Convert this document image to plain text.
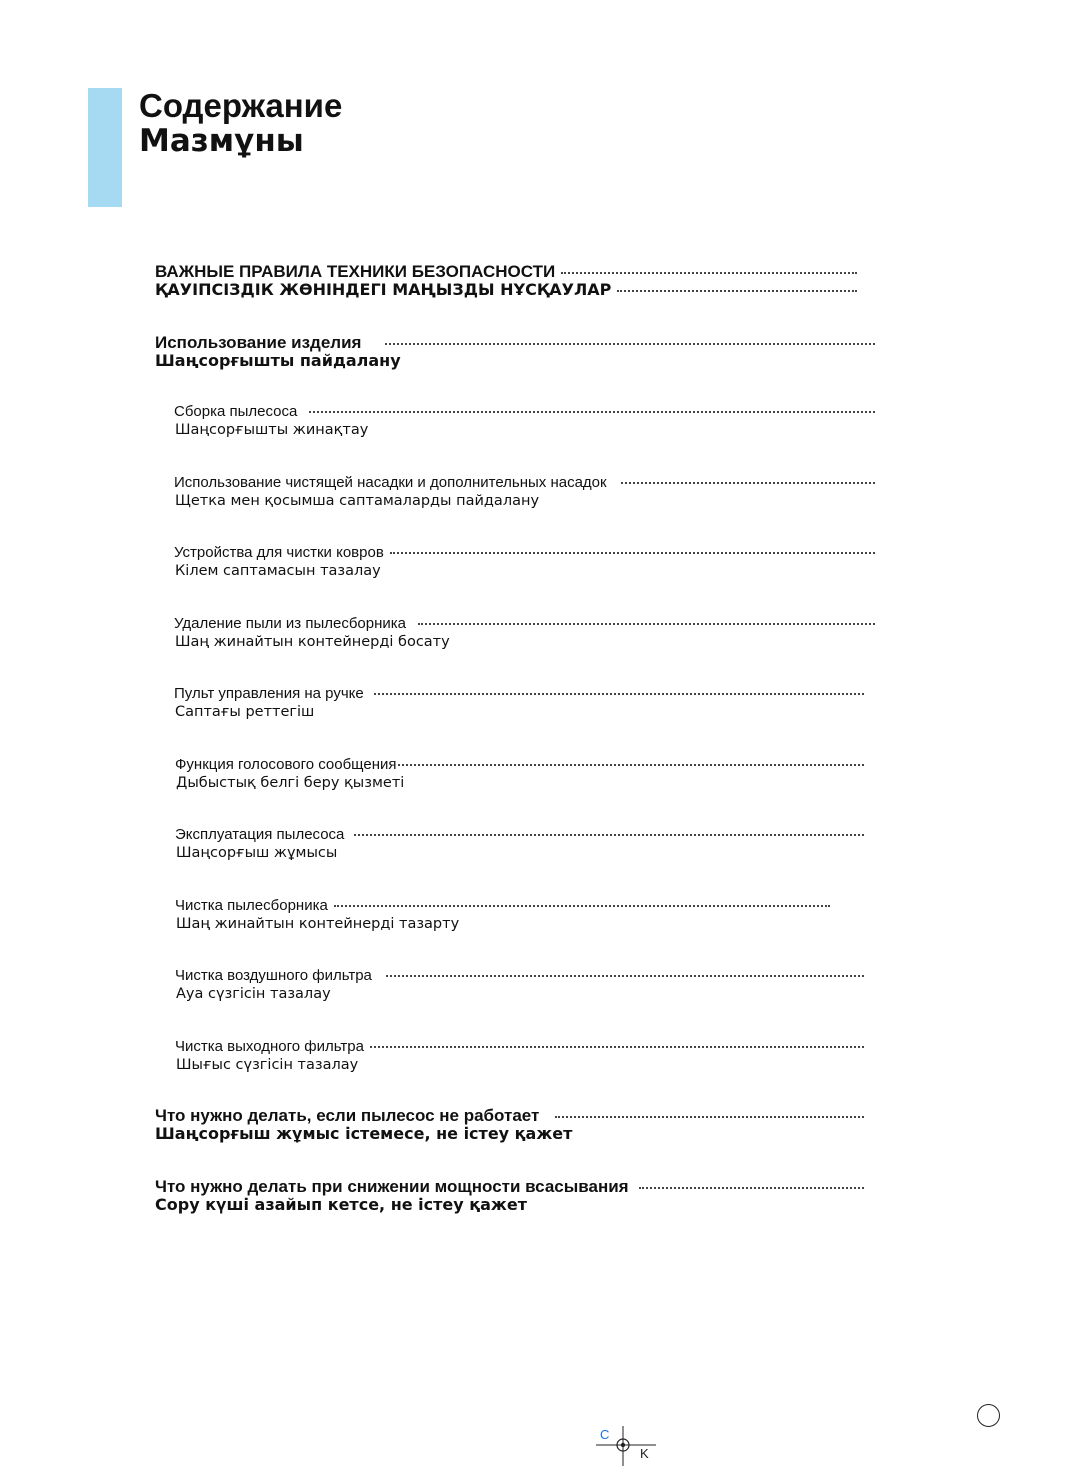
Содержание
Мазмұны
ВАЖНЫЕ ПРАВИЛА ТЕХНИКИ БЕЗОПАСНОСТИ
ҚАУІПСІЗДІК ЖӨНІНДЕГІ МАҢЫЗДЫ НҰСҚАУЛАР
Использование изделия
Шаңсорғышты пайдалану
Сборка пылесоса
Шаңсорғышты жинақтау
Использование чистящей насадки и дополнительных насадок
Щетка мен қосымша саптамаларды пайдалану
Устройства для чистки ковров
Кілем саптамасын тазалау
Удаление пыли из пылесборника
Шаң жинайтын контейнерді босату
Пульт управления на ручке
Саптағы реттегіш
Функция голосового сообщения
Дыбыстық белгі беру қызметі
Эксплуатация пылесоса
Шаңсорғыш жұмысы
Чистка пылесборника
Шаң жинайтын контейнерді тазарту
Чистка воздушного фильтра
Ауа сүзгісін тазалау
Чистка выходного фильтра
Шығыс сүзгісін тазалау
Что нужно делать, если пылесос не работает
Шаңсорғыш жұмыс істемесе, не істеу қажет
Что нужно делать при снижении мощности всасывания
Сору күші азайып кетсе, не істеу қажет
C
K
